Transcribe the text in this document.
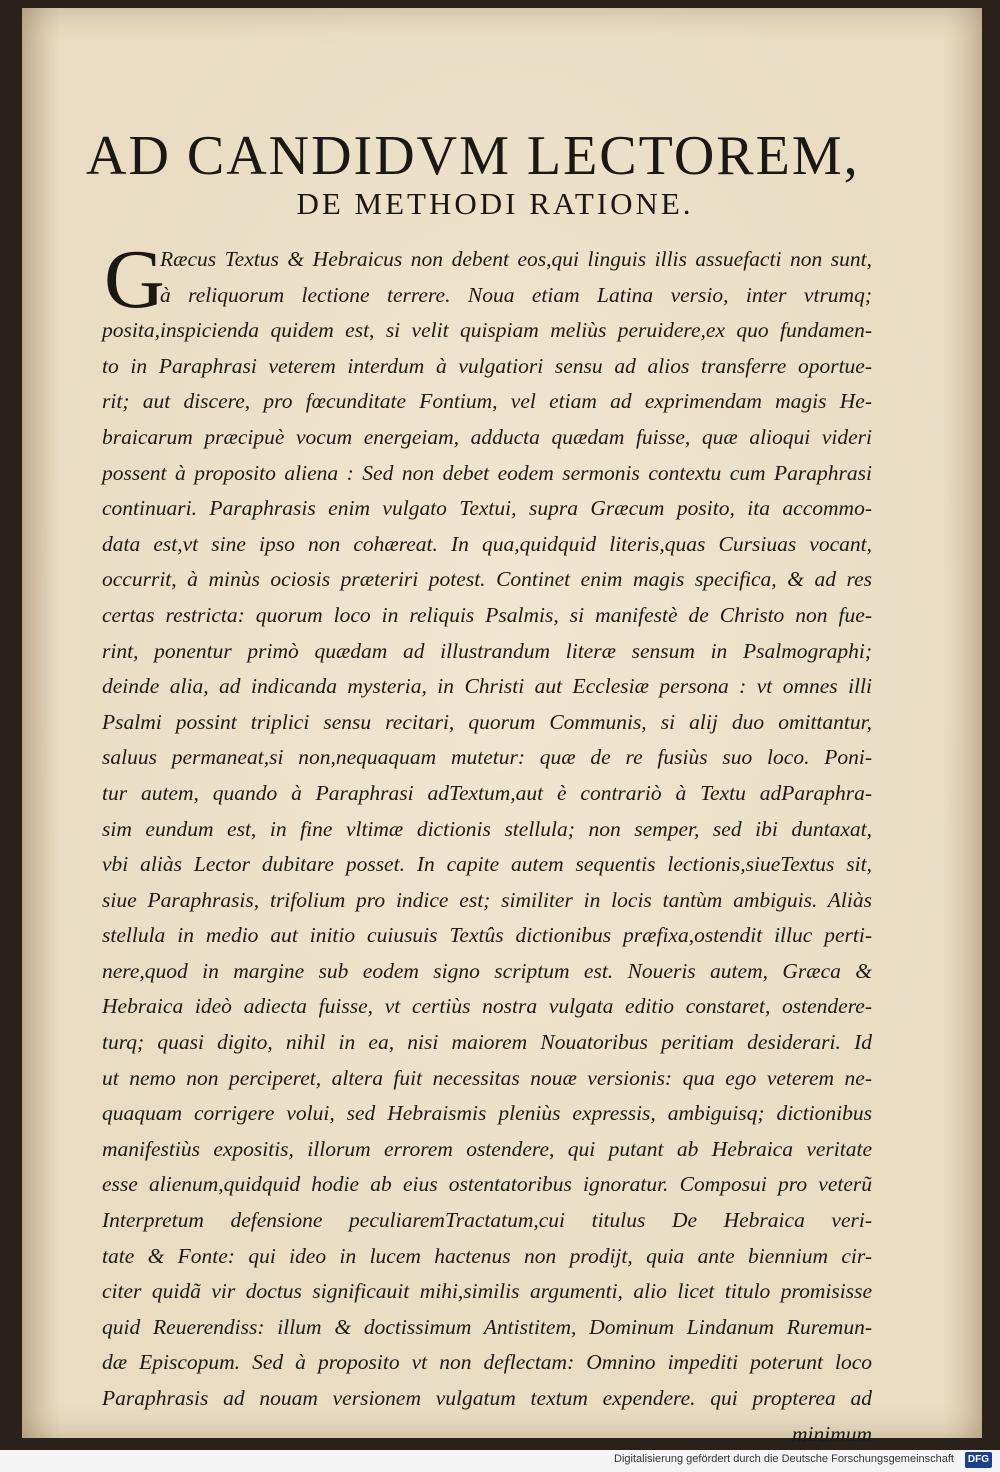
AD CANDIDVM LECTOREM,
DE METHODI RATIONE.
G
Ræcus Textus & Hebraicus non debent eos,qui linguis illis assuefacti non sunt,
à reliquorum lectione terrere. Noua etiam Latina versio, inter vtrumq;
posita,inspicienda quidem est, si velit quispiam meliùs peruidere,ex quo fundamen-
to in Paraphrasi veterem interdum à vulgatiori sensu ad alios transferre oportue-
rit; aut discere, pro fœcunditate Fontium, vel etiam ad exprimendam magis He-
braicarum præcipuè vocum energeiam, adducta quædam fuisse, quæ alioqui videri
possent à proposito aliena : Sed non debet eodem sermonis contextu cum Paraphrasi
continuari. Paraphrasis enim vulgato Textui, supra Græcum posito, ita accommo-
data est,vt sine ipso non cohæreat. In qua,quidquid literis,quas Cursiuas vocant,
occurrit, à minùs ociosis præteriri potest. Continet enim magis specifica, & ad res
certas restricta: quorum loco in reliquis Psalmis, si manifestè de Christo non fue-
rint, ponentur primò quædam ad illustrandum literæ sensum in Psalmographi;
deinde alia, ad indicanda mysteria, in Christi aut Ecclesiæ persona : vt omnes illi
Psalmi possint triplici sensu recitari, quorum Communis, si alij duo omittantur,
saluus permaneat,si non,nequaquam mutetur: quæ de re fusiùs suo loco. Poni-
tur autem, quando à Paraphrasi adTextum,aut è contrariò à Textu adParaphra-
sim eundum est, in fine vltimæ dictionis stellula; non semper, sed ibi duntaxat,
vbi aliàs Lector dubitare posset. In capite autem sequentis lectionis,siueTextus sit,
siue Paraphrasis, trifolium pro indice est; similiter in locis tantùm ambiguis. Aliàs
stellula in medio aut initio cuiusuis Textûs dictionibus præfixa,ostendit illuc perti-
nere,quod in margine sub eodem signo scriptum est. Noueris autem, Græca &
Hebraica ideò adiecta fuisse, vt certiùs nostra vulgata editio constaret, ostendere-
turq; quasi digito, nihil in ea, nisi maiorem Nouatoribus peritiam desiderari. Id
ut nemo non perciperet, altera fuit necessitas nouæ versionis: qua ego veterem ne-
quaquam corrigere volui, sed Hebraismis pleniùs expressis, ambiguisq; dictionibus
manifestiùs expositis, illorum errorem ostendere, qui putant ab Hebraica veritate
esse alienum,quidquid hodie ab eius ostentatoribus ignoratur. Composui pro veterũ
Interpretum defensione peculiaremTractatum,cui titulus De Hebraica veri-
tate & Fonte: qui ideo in lucem hactenus non prodijt, quia ante biennium cir-
citer quidã vir doctus significauit mihi,similis argumenti, alio licet titulo promisisse
quid Reuerendiss: illum & doctissimum Antistitem, Dominum Lindanum Ruremun-
dæ Episcopum. Sed à proposito vt non deflectam: Omnino impediti poterunt loco
Paraphrasis ad nouam versionem vulgatum textum expendere. qui propterea ad
minimum
Digitalisierung gefördert durch die Deutsche Forschungsgemeinschaft	DFG
